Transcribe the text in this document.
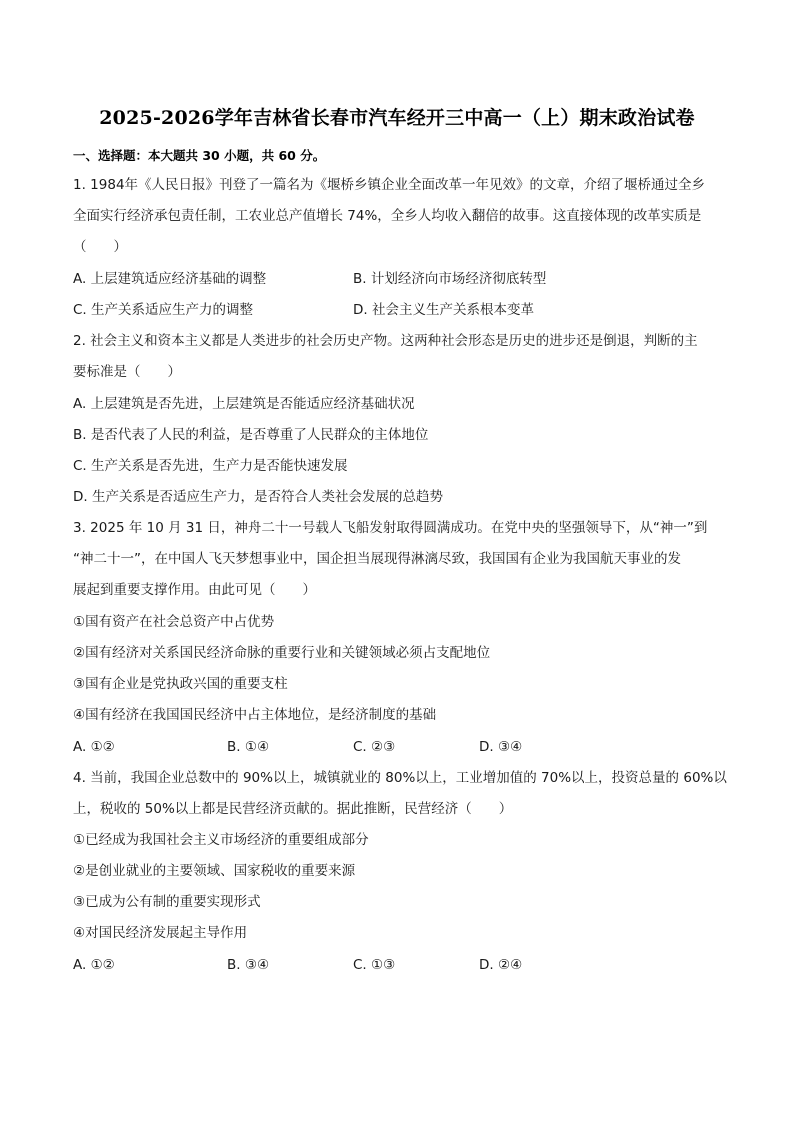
2025-2026学年吉林省长春市汽车经开三中高一（上）期末政治试卷
一、选择题：本大题共 30 小题，共 60 分。
1. 1984年《人民日报》刊登了一篇名为《堰桥乡镇企业全面改革一年见效》的文章，介绍了堰桥通过全乡
全面实行经济承包责任制，工农业总产值增长 74%，全乡人均收入翻倍的故事。这直接体现的改革实质是
（　　）
A. 上层建筑适应经济基础的调整	B. 计划经济向市场经济彻底转型
C. 生产关系适应生产力的调整	D. 社会主义生产关系根本变革
2. 社会主义和资本主义都是人类进步的社会历史产物。这两种社会形态是历史的进步还是倒退，判断的主
要标准是（　　）
A. 上层建筑是否先进，上层建筑是否能适应经济基础状况
B. 是否代表了人民的利益，是否尊重了人民群众的主体地位
C. 生产关系是否先进，生产力是否能快速发展
D. 生产关系是否适应生产力，是否符合人类社会发展的总趋势
3. 2025 年 10 月 31 日，神舟二十一号载人飞船发射取得圆满成功。在党中央的坚强领导下，从“神一”到
“神二十一”，在中国人飞天梦想事业中，国企担当展现得淋漓尽致，我国国有企业为我国航天事业的发
展起到重要支撑作用。由此可见（　　）
①国有资产在社会总资产中占优势
②国有经济对关系国民经济命脉的重要行业和关键领域必须占支配地位
③国有企业是党执政兴国的重要支柱
④国有经济在我国国民经济中占主体地位，是经济制度的基础
A. ①②	B. ①④	C. ②③	D. ③④
4. 当前，我国企业总数中的 90%以上，城镇就业的 80%以上，工业增加值的 70%以上，投资总量的 60%以
上，税收的 50%以上都是民营经济贡献的。据此推断，民营经济（　　）
①已经成为我国社会主义市场经济的重要组成部分
②是创业就业的主要领域、国家税收的重要来源
③已成为公有制的重要实现形式
④对国民经济发展起主导作用
A. ①②	B. ③④	C. ①③	D. ②④
